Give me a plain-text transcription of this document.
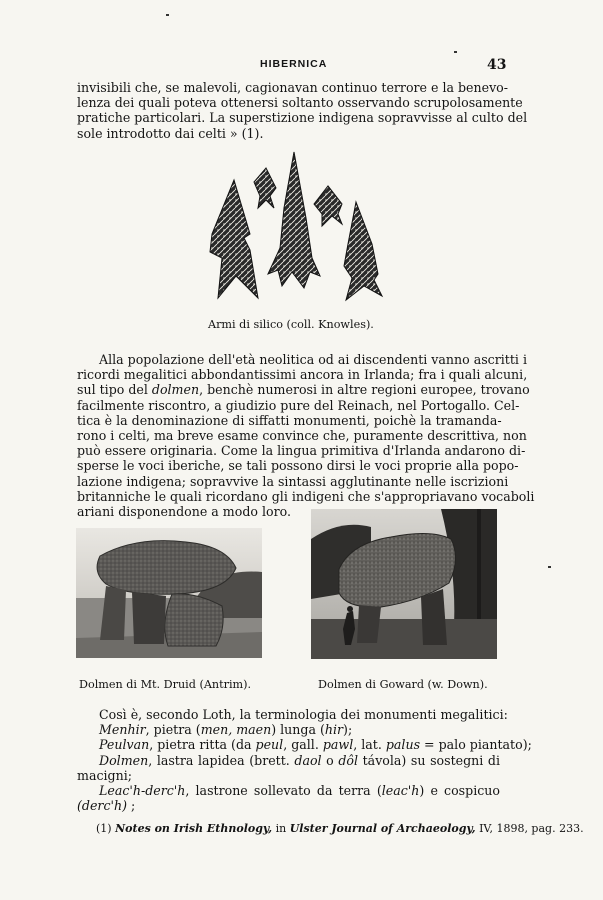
HIBERNICA	43

invisibili che, se malevoli, cagionavan continuo terrore e la benevo-
lenza dei quali poteva ottenersi soltanto osservando scrupolosamente
pratiche particolari. La superstizione indigena sopravvisse al culto del
sole introdotto dai celti » (1).

Armi di silico (coll. Knowles).

Alla popolazione dell'età neolitica od ai discendenti vanno ascritti i
ricordi megalitici abbondantissimi ancora in Irlanda; fra i quali alcuni,
sul tipo del dolmen, benchè numerosi in altre regioni europee, trovano
facilmente riscontro, a giudizio pure del Reinach, nel Portogallo. Cel-
tica è la denominazione di siffatti monumenti, poichè la tramanda-
rono i celti, ma breve esame convince che, puramente descrittiva, non
può essere originaria. Come la lingua primitiva d'Irlanda andarono di-
sperse le voci iberiche, se tali possono dirsi le voci proprie alla popo-
lazione indigena; sopravvive la sintassi agglutinante nelle iscrizioni
britanniche le quali ricordano gli indigeni che s'appropriavano vocaboli
ariani disponendone a modo loro.

Dolmen di Mt. Druid (Antrim).	Dolmen di Goward (w. Down).
Così è, secondo Loth, la terminologia dei monumenti megalitici:
Menhir, pietra (men, maen) lunga (hir);
Peulvan, pietra ritta (da peul, gall. pawl, lat. palus = palo piantato);
Dolmen, lastra lapidea (brett. daol o dôl távola) su sostegni di
macigni;
Leac'h-derc'h, lastrone sollevato da terra (leac'h) e cospicuo
(derc'h) ;
(1) Notes on Irish Ethnology, in Ulster Journal of Archaeology, IV, 1898, pag. 233.
